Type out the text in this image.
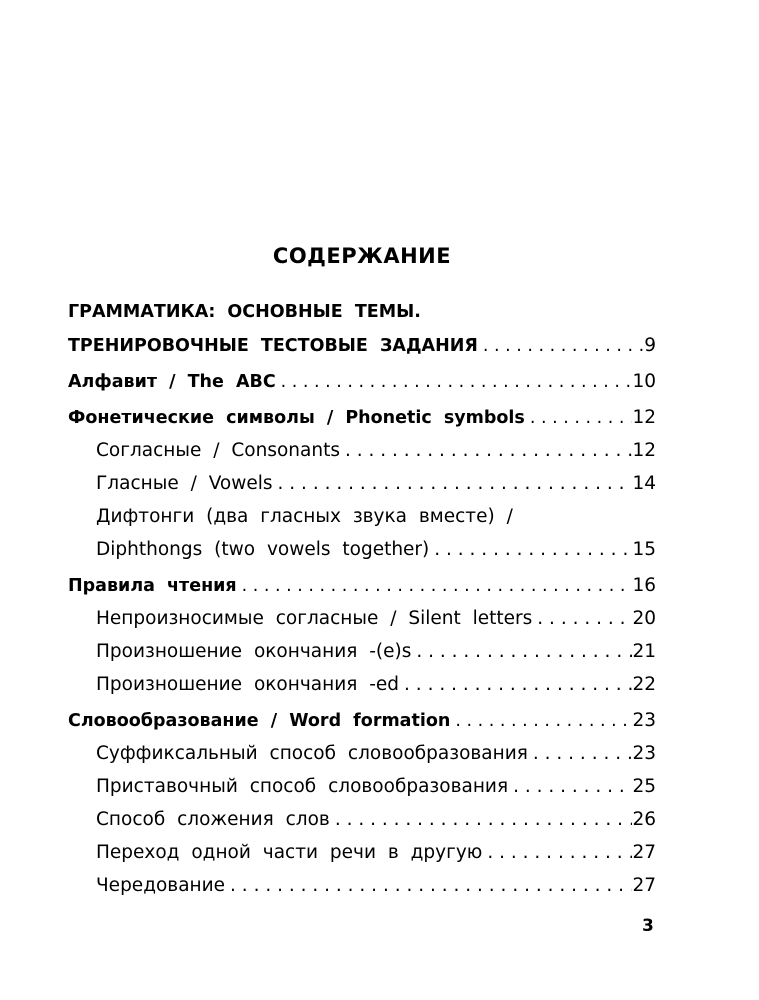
СОДЕРЖАНИЕ
ГРАММАТИКА: ОСНОВНЫЕ ТЕМЫ.
ТРЕНИРОВОЧНЫЕ ТЕСТОВЫЕ ЗАДАНИЯ . . .	9
Алфавит / The ABC . . .	10
Фонетические символы / Phonetic symbols . . .	12
Согласные / Consonants . . .	12
Гласные / Vowels . . .	14
Дифтонги (два гласных звука вместе) /
Diphthongs (two vowels together) . . .	15
Правила чтения . . .	16
Непроизносимые согласные / Silent letters . . .	20
Произношение окончания -(e)s . . .	21
Произношение окончания -ed . . .	22
Словообразование / Word formation . . .	23
Суффиксальный способ словообразования . . .	23
Приставочный способ словообразования . . .	25
Способ сложения слов . . .	26
Переход одной части речи в другую . . .	27
Чередование . . .	27
3
